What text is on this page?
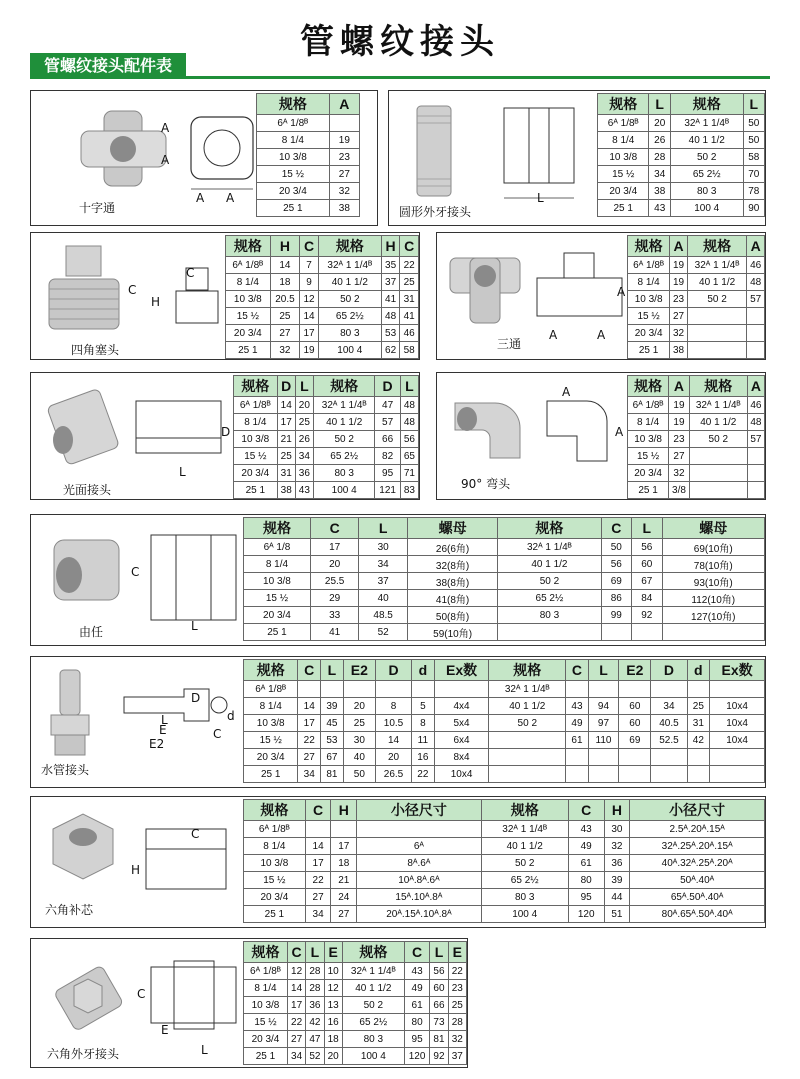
管螺纹接头
管螺纹接头配件表
A
A
A A
十字通
规格	A
6ᴬ 1/8ᴮ	
8 1/4	19
10 3/8	23
15 ½	27
20 3/4	32
25 1	38
L
圆形外牙接头
规格	L	规格	L
6ᴬ 1/8ᴮ	20	32ᴬ 1 1/4ᴮ	50
8 1/4	26	40 1 1/2	50
10 3/8	28	50 2	58
15 ½	34	65 2½	70
20 3/4	38	80 3	78
25 1	43	100 4	90
C
C
H
四角塞头
规格	H	C	规格	H	C
6ᴬ 1/8ᴮ	14	7	32ᴬ 1 1/4ᴮ	35	22
8 1/4	18	9	40 1 1/2	37	25
10 3/8	20.5	12	50 2	41	31
15 ½	25	14	65 2½	48	41
20 3/4	27	17	80 3	53	46
25 1	32	19	100 4	62	58
A
A	A
三通
规格	A	规格	A
6ᴬ 1/8ᴮ	19	32ᴬ 1 1/4ᴮ	46
8 1/4	19	40 1 1/2	48
10 3/8	23	50 2	57
15 ½	27		
20 3/4	32		
25 1	38		
D
L
光面接头
规格	D	L	规格	D	L
6ᴬ 1/8ᴮ	14	20	32ᴬ 1 1/4ᴮ	47	48
8 1/4	17	25	40 1 1/2	57	48
10 3/8	21	26	50 2	66	56
15 ½	25	34	65 2½	82	65
20 3/4	31	36	80 3	95	71
25 1	38	43	100 4	121	83
A
A
90° 弯头
规格	A	规格	A
6ᴬ 1/8ᴮ	19	32ᴬ 1 1/4ᴮ	46
8 1/4	19	40 1 1/2	48
10 3/8	23	50 2	57
15 ½	27		
20 3/4	32		
25 1	3/8		
C
L
由任
规格	C	L	螺母	规格	C	L	螺母
6ᴬ 1/8	17	30	26(6角)	32ᴬ 1 1/4ᴮ	50	56	69(10角)
8 1/4	20	34	32(8角)	40 1 1/2	56	60	78(10角)
10 3/8	25.5	37	38(8角)	50 2	69	67	93(10角)
15 ½	29	40	41(8角)	65 2½	86	84	112(10角)
20 3/4	33	48.5	50(8角)	80 3	99	92	127(10角)
25 1	41	52	59(10角)				
L
E
E2
D
d
C
水管接头
规格	C	L	E2	D	d	Ex数	规格	C	L	E2	D	d	Ex数
6ᴬ 1/8ᴮ							32ᴬ 1 1/4ᴮ						
8 1/4	14	39	20	8	5	4x4	40 1 1/2	43	94	60	34	25	10x4
10 3/8	17	45	25	10.5	8	5x4	50 2	49	97	60	40.5	31	10x4
15 ½	22	53	30	14	11	6x4		61	110	69	52.5	42	10x4
20 3/4	27	67	40	20	16	8x4							
25 1	34	81	50	26.5	22	10x4							
C
H
六角补芯
规格	C	H	小径尺寸	规格	C	H	小径尺寸
6ᴬ 1/8ᴮ				32ᴬ 1 1/4ᴮ	43	30	2.5ᴬ.20ᴬ.15ᴬ
8 1/4	14	17	6ᴬ	40 1 1/2	49	32	32ᴬ.25ᴬ.20ᴬ.15ᴬ
10 3/8	17	18	8ᴬ.6ᴬ	50 2	61	36	40ᴬ.32ᴬ.25ᴬ.20ᴬ
15 ½	22	21	10ᴬ.8ᴬ.6ᴬ	65 2½	80	39	50ᴬ.40ᴬ
20 3/4	27	24	15ᴬ.10ᴬ.8ᴬ	80 3	95	44	65ᴬ.50ᴬ.40ᴬ
25 1	34	27	20ᴬ.15ᴬ.10ᴬ.8ᴬ	100 4	120	51	80ᴬ.65ᴬ.50ᴬ.40ᴬ
C
L
E
六角外牙接头
规格	C	L	E	规格	C	L	E
6ᴬ 1/8ᴮ	12	28	10	32ᴬ 1 1/4ᴮ	43	56	22
8 1/4	14	28	12	40 1 1/2	49	60	23
10 3/8	17	36	13	50 2	61	66	25
15 ½	22	42	16	65 2½	80	73	28
20 3/4	27	47	18	80 3	95	81	32
25 1	34	52	20	100 4	120	92	37
